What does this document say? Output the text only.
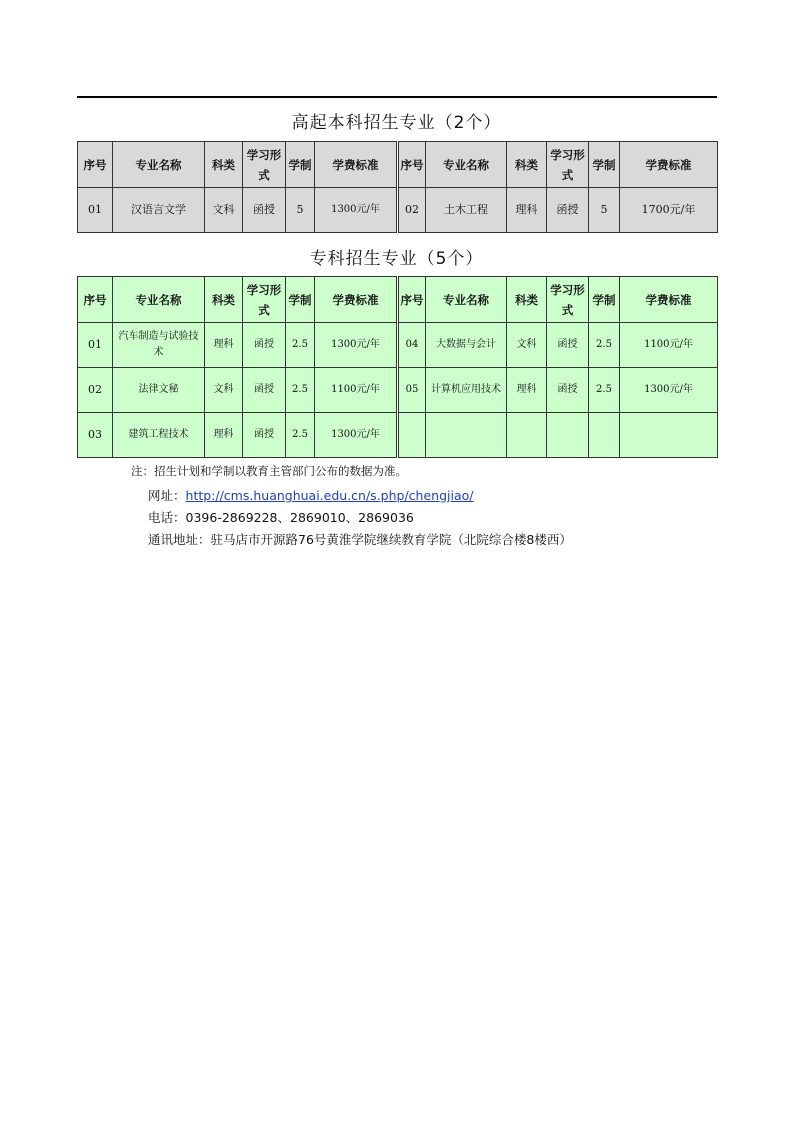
高起本科招生专业（2个）
序号	专业名称	科类	学习形式	学制	学费标准	序号	专业名称	科类	学习形式	学制	学费标准
01	汉语言文学	文科	函授	5	1300元/年	02	土木工程	理科	函授	5	1700元/年
专科招生专业（5个）
序号	专业名称	科类	学习形式	学制	学费标准	序号	专业名称	科类	学习形式	学制	学费标准
01	汽车制造与试验技术	理科	函授	2.5	1300元/年	04	大数据与会计	文科	函授	2.5	1100元/年
02	法律文秘	文科	函授	2.5	1100元/年	05	计算机应用技术	理科	函授	2.5	1300元/年
03	建筑工程技术	理科	函授	2.5	1300元/年						
注：招生计划和学制以教育主管部门公布的数据为准。
网址：http://cms.huanghuai.edu.cn/s.php/chengjiao/
电话：0396-2869228、2869010、2869036
通讯地址：驻马店市开源路76号黄淮学院继续教育学院（北院综合楼8楼西）
